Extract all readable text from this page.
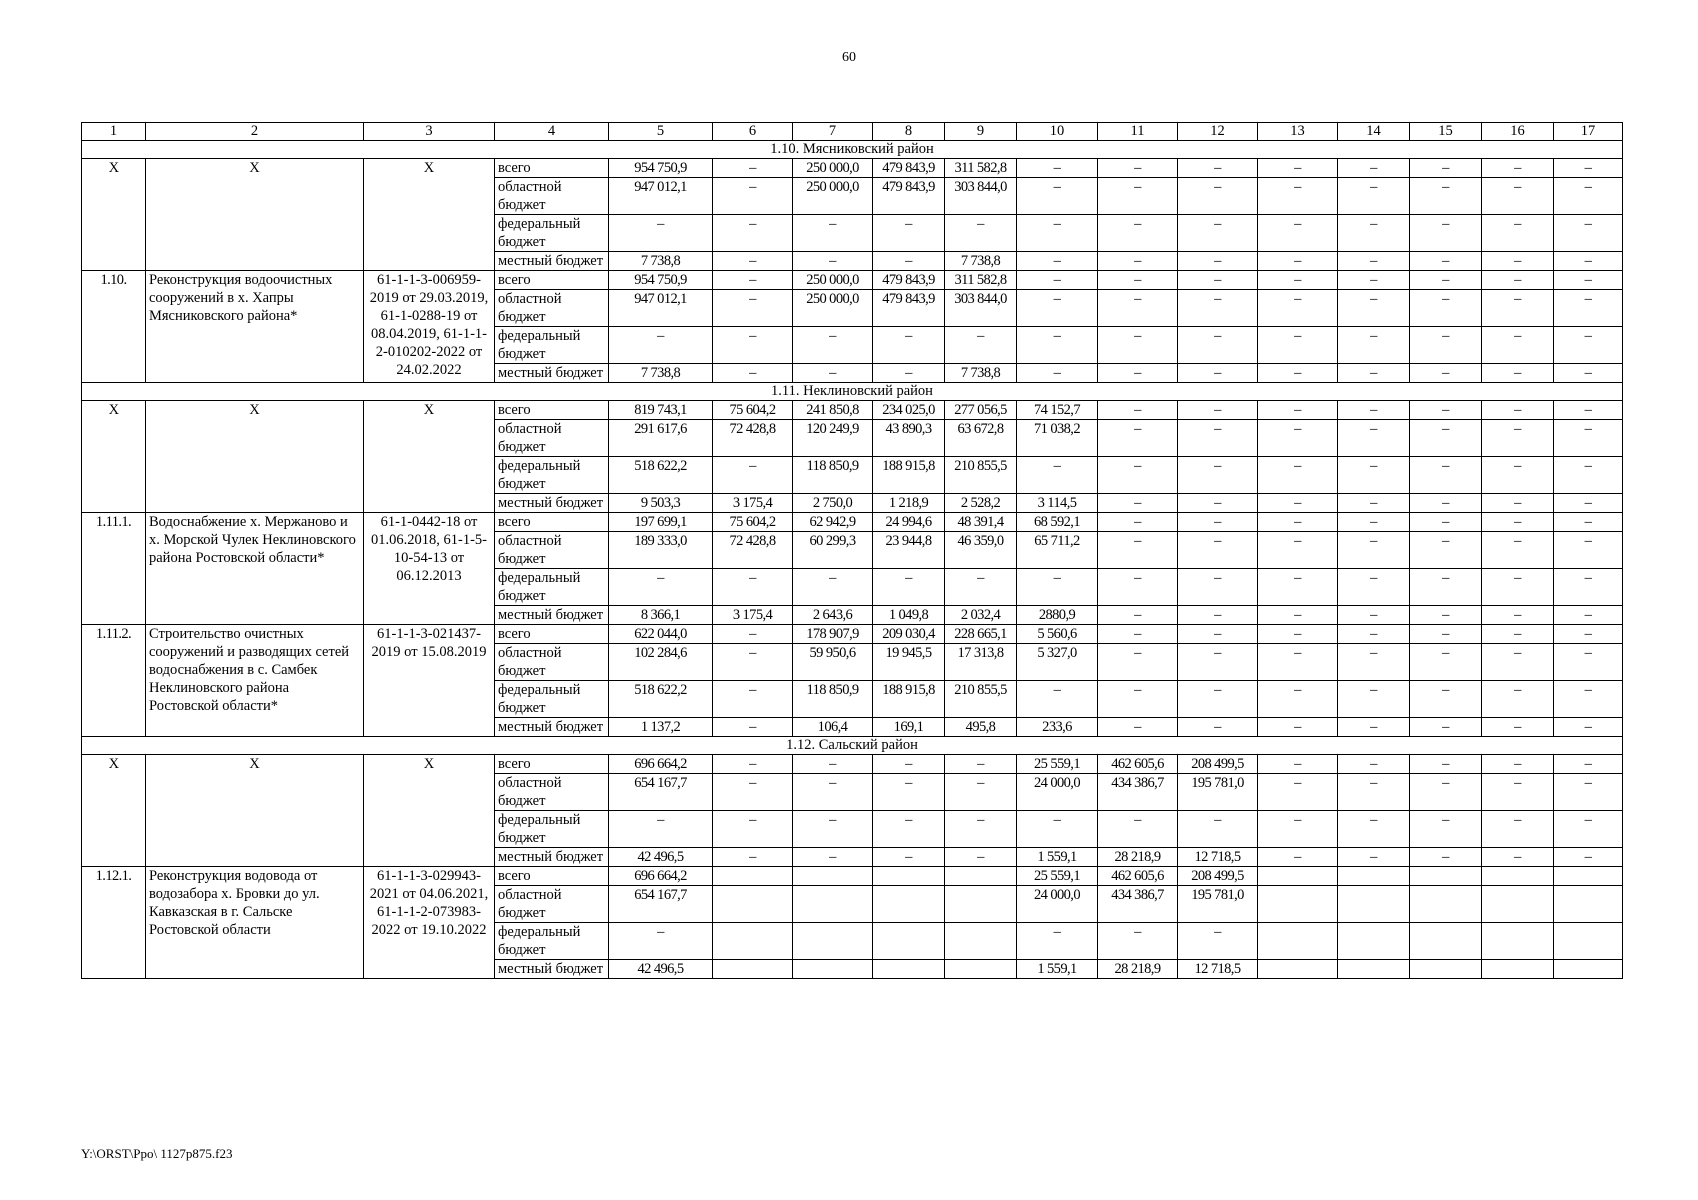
60
1	2	3	4	5	6	7	8	9	10	11	12	13	14	15	16	17
1.10. Мясниковский район																
Х	Х	Х	всего	954 750,9	–	250 000,0	479 843,9	311 582,8	–	–	–	–	–	–	–	–
			областной бюджет	947 012,1	–	250 000,0	479 843,9	303 844,0	–	–	–	–	–	–	–	–
			федеральный бюджет	–	–	–	–	–	–	–	–	–	–	–	–	–
			местный бюджет	7 738,8	–	–	–	7 738,8	–	–	–	–	–	–	–	–
1.10.	Реконструкция водоочистных сооружений в х. Хапры Мясниковского района*	61-1-1-3-006959-2019 от 29.03.2019, 61-1-0288-19 от 08.04.2019, 61-1-1-2-010202-2022 от 24.02.2022	всего	954 750,9	–	250 000,0	479 843,9	311 582,8	–	–	–	–	–	–	–	–
			областной бюджет	947 012,1	–	250 000,0	479 843,9	303 844,0	–	–	–	–	–	–	–	–
			федеральный бюджет	–	–	–	–	–	–	–	–	–	–	–	–	–
			местный бюджет	7 738,8	–	–	–	7 738,8	–	–	–	–	–	–	–	–
1.11. Неклиновский район																
Х	Х	Х	всего	819 743,1	75 604,2	241 850,8	234 025,0	277 056,5	74 152,7	–	–	–	–	–	–	–
			областной бюджет	291 617,6	72 428,8	120 249,9	43 890,3	63 672,8	71 038,2	–	–	–	–	–	–	–
			федеральный бюджет	518 622,2	–	118 850,9	188 915,8	210 855,5	–	–	–	–	–	–	–	–
			местный бюджет	9 503,3	3 175,4	2 750,0	1 218,9	2 528,2	3 114,5	–	–	–	–	–	–	–
1.11.1.	Водоснабжение х. Мержаново и х. Морской Чулек Неклиновского района Ростовской области*	61-1-0442-18 от 01.06.2018, 61-1-5-10-54-13 от 06.12.2013	всего	197 699,1	75 604,2	62 942,9	24 994,6	48 391,4	68 592,1	–	–	–	–	–	–	–
			областной бюджет	189 333,0	72 428,8	60 299,3	23 944,8	46 359,0	65 711,2	–	–	–	–	–	–	–
			федеральный бюджет	–	–	–	–	–	–	–	–	–	–	–	–	–
			местный бюджет	8 366,1	3 175,4	2 643,6	1 049,8	2 032,4	2880,9	–	–	–	–	–	–	–
1.11.2.	Строительство очистных сооружений и разводящих сетей водоснабжения в с. Самбек Неклиновского района Ростовской области*	61-1-1-3-021437-2019 от 15.08.2019	всего	622 044,0	–	178 907,9	209 030,4	228 665,1	5 560,6	–	–	–	–	–	–	–
			областной бюджет	102 284,6	–	59 950,6	19 945,5	17 313,8	5 327,0	–	–	–	–	–	–	–
			федеральный бюджет	518 622,2	–	118 850,9	188 915,8	210 855,5	–	–	–	–	–	–	–	–
			местный бюджет	1 137,2	–	106,4	169,1	495,8	233,6	–	–	–	–	–	–	–
1.12. Сальский район																
Х	Х	Х	всего	696 664,2	–	–	–	–	25 559,1	462 605,6	208 499,5	–	–	–	–	–
			областной бюджет	654 167,7	–	–	–	–	24 000,0	434 386,7	195 781,0	–	–	–	–	–
			федеральный бюджет	–	–	–	–	–	–	–	–	–	–	–	–	–
			местный бюджет	42 496,5	–	–	–	–	1 559,1	28 218,9	12 718,5	–	–	–	–	–
1.12.1.	Реконструкция водовода от водозабора х. Бровки до ул. Кавказская в г. Сальске Ростовской области	61-1-1-3-029943-2021 от 04.06.2021, 61-1-1-2-073983-2022 от 19.10.2022	всего	696 664,2					25 559,1	462 605,6	208 499,5					
			областной бюджет	654 167,7					24 000,0	434 386,7	195 781,0					
			федеральный бюджет	–					–	–	–					
			местный бюджет	42 496,5					1 559,1	28 218,9	12 718,5					
Y:\ORST\Ppo\ 1127p875.f23
